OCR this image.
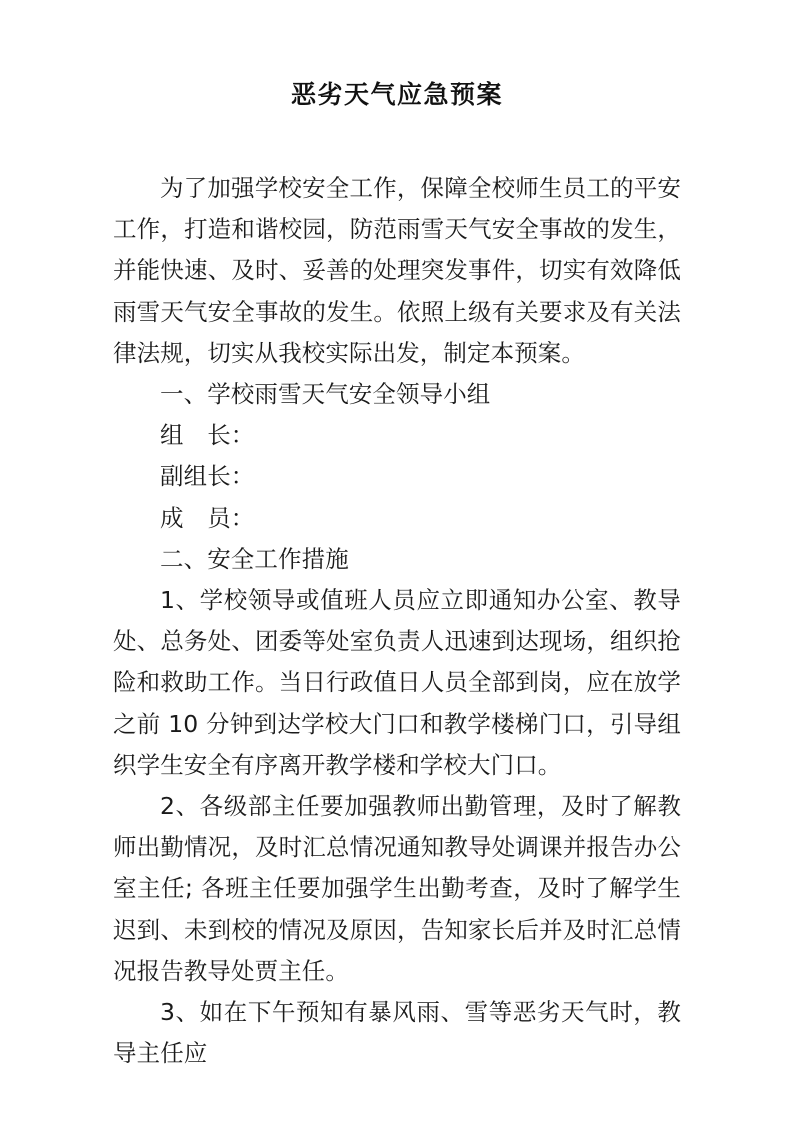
恶劣天气应急预案

为了加强学校安全工作，保障全校师生员工的平安工作，打造和谐校园，防范雨雪天气安全事故的发生，并能快速、及时、妥善的处理突发事件，切实有效降低雨雪天气安全事故的发生。依照上级有关要求及有关法律法规，切实从我校实际出发，制定本预案。

一、学校雨雪天气安全领导小组

组　长：

副组长：

成　员：

二、安全工作措施

1、学校领导或值班人员应立即通知办公室、教导处、总务处、团委等处室负责人迅速到达现场，组织抢险和救助工作。当日行政值日人员全部到岗，应在放学之前 10 分钟到达学校大门口和教学楼梯门口，引导组织学生安全有序离开教学楼和学校大门口。

2、各级部主任要加强教师出勤管理，及时了解教师出勤情况，及时汇总情况通知教导处调课并报告办公室主任; 各班主任要加强学生出勤考查，及时了解学生迟到、未到校的情况及原因，告知家长后并及时汇总情况报告教导处贾主任。

3、如在下午预知有暴风雨、雪等恶劣天气时，教导主任应
